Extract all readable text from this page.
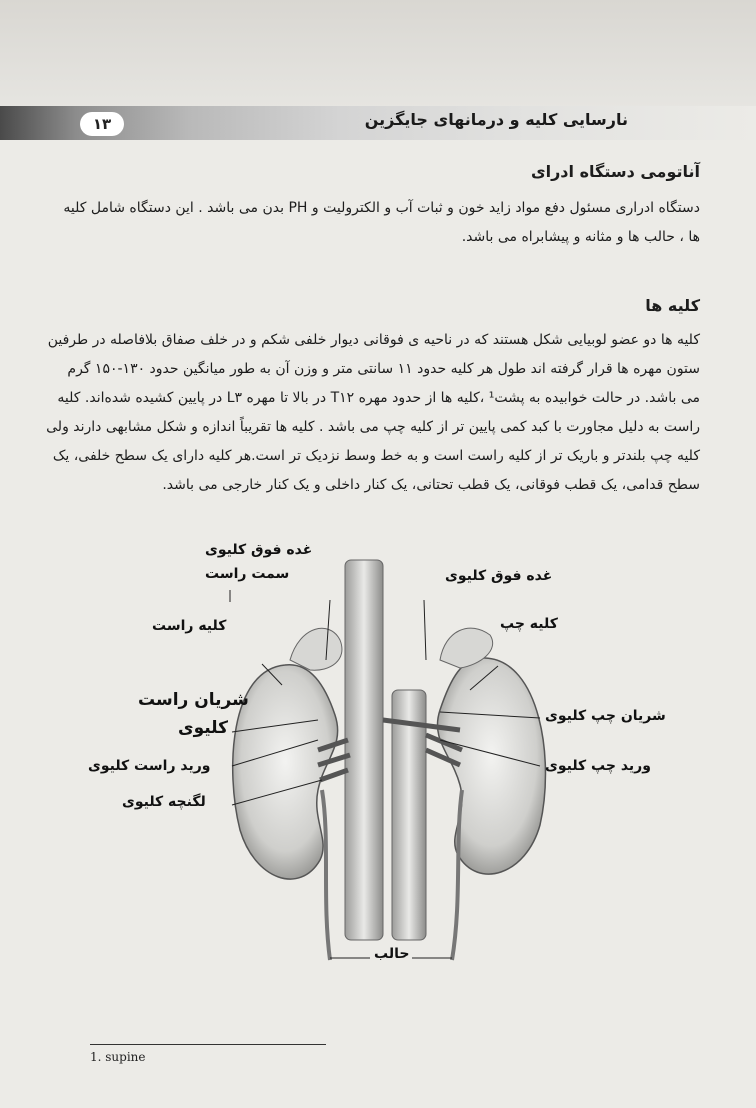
نارسایی کلیه و درمانهای جایگزین
۱۳
آناتومی دستگاه ادرای
دستگاه ادراری مسئول دفع مواد زاید خون و ثبات آب و الکترولیت و PH بدن می باشد . این دستگاه شامل کلیه
ها ، حالب ها و مثانه و پیشابراه می باشد.
کلیه ها
کلیه ها دو عضو لوبیایی شکل هستند که در ناحیه ی فوقانی دیوار خلفی شکم و در خلف صفاق بلافاصله در طرفین
ستون مهره ها قرار گرفته اند طول هر کلیه حدود ۱۱ سانتی متر و وزن آن به طور میانگین حدود ۱۳۰-۱۵۰ گرم
می باشد. در حالت خوابیده به پشت¹ ،کلیه ها از حدود مهره T۱۲ در بالا تا مهره L۳ در پایین کشیده شده‌اند. کلیه
راست به دلیل مجاورت با کبد کمی پایین تر از کلیه چپ می باشد . کلیه ها تقریباً اندازه و شکل مشابهی دارند ولی
کلیه چپ بلندتر و باریک تر از کلیه راست است و به خط وسط نزدیک تر است.هر کلیه دارای یک سطح خلفی، یک
سطح قدامی، یک قطب فوقانی، یک قطب تحتانی، یک کنار داخلی و یک کنار خارجی می باشد.
غده فوق کلیوی
سمت راست	غده فوق کلیوی
کلیه راست	کلیه چپ
شریان راست
کلیوی
شریان چپ کلیوی
ورید راست کلیوی	ورید چپ کلیوی
لگنچه کلیوی
حالب
1. supine
